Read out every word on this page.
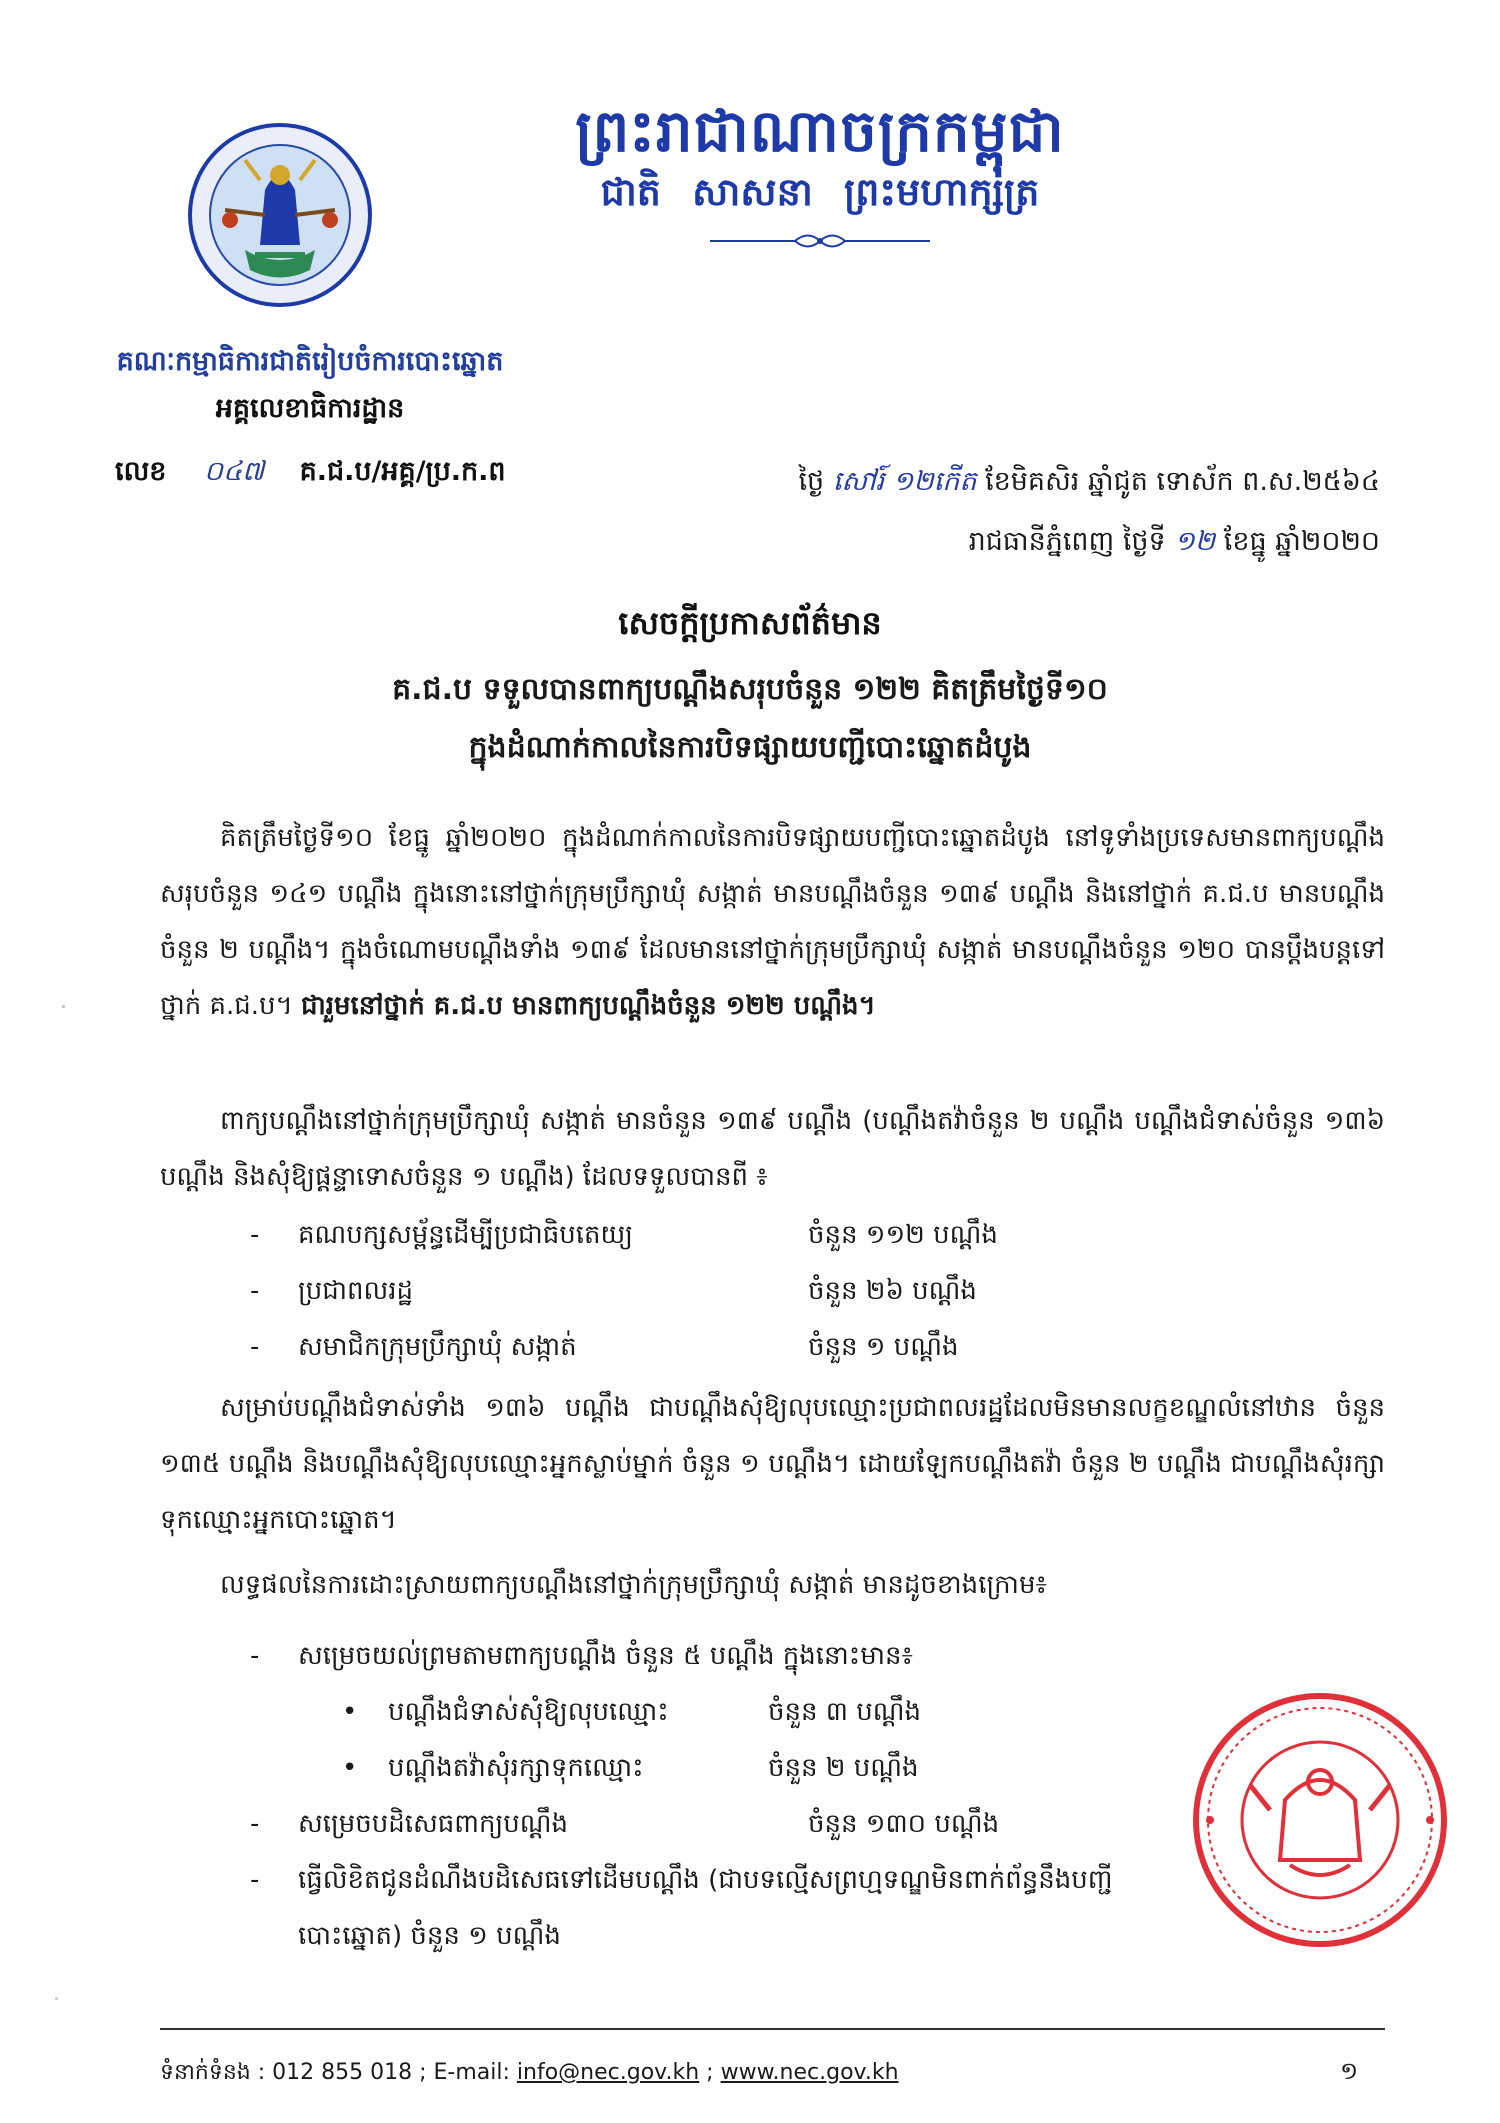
ព្រះរាជាណាចក្រកម្ពុជា
ជាតិ សាសនា ព្រះមហាក្សត្រ
គណៈកម្មាធិការជាតិរៀបចំការបោះឆ្នោត
អគ្គលេខាធិការដ្ឋាន
លេខ ០៤៧ គ.ជ.ប/អគ្គ/ប្រ.ក.ព	ថ្ងៃ សៅរ៍ ១២កើត ខែមិគសិរ ឆ្នាំជូត ទោស័ក ព.ស.២៥៦៤
រាជធានីភ្នំពេញ ថ្ងៃទី ១២ ខែធ្នូ ឆ្នាំ២០២០
សេចក្តីប្រកាសព័ត៌មាន
គ.ជ.ប ទទួលបានពាក្យបណ្តឹងសរុបចំនួន ១២២ គិតត្រឹមថ្ងៃទី១០
ក្នុងដំណាក់កាលនៃការបិទផ្សាយបញ្ជីបោះឆ្នោតដំបូង

គិតត្រឹមថ្ងៃទី១០ ខែធ្នូ ឆ្នាំ២០២០ ក្នុងដំណាក់កាលនៃការបិទផ្សាយបញ្ជីបោះឆ្នោតដំបូង នៅទូទាំងប្រទេសមានពាក្យបណ្តឹងសរុបចំនួន ១៤១ បណ្តឹង ក្នុងនោះនៅថ្នាក់ក្រុមប្រឹក្សាឃុំ សង្កាត់ មានបណ្តឹងចំនួន ១៣៩ បណ្តឹង និងនៅថ្នាក់ គ.ជ.ប មានបណ្តឹងចំនួន ២ បណ្តឹង។ ក្នុងចំណោមបណ្តឹងទាំង ១៣៩ ដែលមាននៅថ្នាក់ក្រុមប្រឹក្សាឃុំ សង្កាត់ មានបណ្តឹងចំនួន ១២០ បានប្តឹងបន្តទៅថ្នាក់ គ.ជ.ប។ ជារួមនៅថ្នាក់ គ.ជ.ប មានពាក្យបណ្តឹងចំនួន ១២២ បណ្តឹង។

ពាក្យបណ្តឹងនៅថ្នាក់ក្រុមប្រឹក្សាឃុំ សង្កាត់ មានចំនួន ១៣៩ បណ្តឹង (បណ្តឹងតវ៉ាចំនួន ២ បណ្តឹង បណ្តឹងជំទាស់ចំនួន ១៣៦ បណ្តឹង និងសុំឱ្យផ្តន្ទាទោសចំនួន ១ បណ្តឹង) ដែលទទួលបានពី ៖

- គណបក្សសម្ព័ន្ធដើម្បីប្រជាធិបតេយ្យ	ចំនួន ១១២ បណ្តឹង
- ប្រជាពលរដ្ឋ	ចំនួន ២៦ បណ្តឹង
- សមាជិកក្រុមប្រឹក្សាឃុំ សង្កាត់	ចំនួន ១ បណ្តឹង

សម្រាប់បណ្តឹងជំទាស់ទាំង ១៣៦ បណ្តឹង ជាបណ្តឹងសុំឱ្យលុបឈ្មោះប្រជាពលរដ្ឋដែលមិនមានលក្ខខណ្ឌលំនៅឋាន ចំនួន ១៣៥ បណ្តឹង និងបណ្តឹងសុំឱ្យលុបឈ្មោះអ្នកស្លាប់ម្នាក់ ចំនួន ១ បណ្តឹង។ ដោយឡែកបណ្តឹងតវ៉ា ចំនួន ២ បណ្តឹង ជាបណ្តឹងសុំរក្សាទុកឈ្មោះអ្នកបោះឆ្នោត។

លទ្ធផលនៃការដោះស្រាយពាក្យបណ្តឹងនៅថ្នាក់ក្រុមប្រឹក្សាឃុំ សង្កាត់ មានដូចខាងក្រោម៖

- សម្រេចយល់ព្រមតាមពាក្យបណ្តឹង ចំនួន ៥ បណ្តឹង ក្នុងនោះមាន៖
• បណ្តឹងជំទាស់សុំឱ្យលុបឈ្មោះ	ចំនួន ៣ បណ្តឹង
• បណ្តឹងតវ៉ាសុំរក្សាទុកឈ្មោះ	ចំនួន ២ បណ្តឹង
- សម្រេចបដិសេធពាក្យបណ្តឹង	ចំនួន ១៣០ បណ្តឹង
- ធ្វើលិខិតជូនដំណឹងបដិសេធទៅដើមបណ្តឹង (ជាបទល្មើសព្រហ្មទណ្ឌមិនពាក់ព័ន្ធនឹងបញ្ជី
បោះឆ្នោត) ចំនួន ១ បណ្តឹង
ទំនាក់ទំនង : 012 855 018 ; E-mail: info@nec.gov.kh ; www.nec.gov.kh	១
